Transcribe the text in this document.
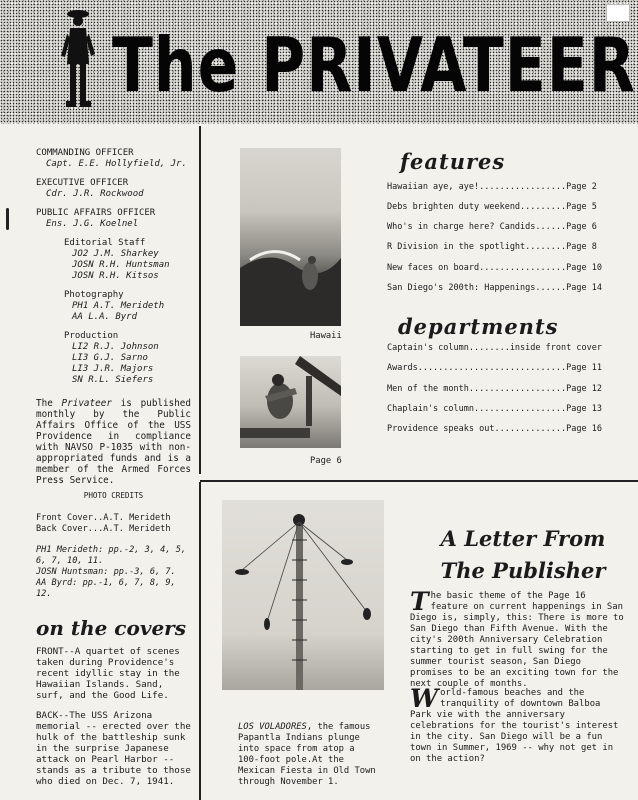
The PRIVATEER
COMMANDING OFFICER
Capt. E.E. Hollyfield, Jr.
EXECUTIVE OFFICER
Cdr. J.R. Rockwood
PUBLIC AFFAIRS OFFICER
Ens. J.G. Koelnel
Editorial Staff
JO2 J.M. Sharkey
JOSN R.H. Huntsman
JOSN R.H. Kitsos
Photography
PH1 A.T. Merideth
AA L.A. Byrd
Production
LI2 R.J. Johnson
LI3 G.J. Sarno
LI3 J.R. Majors
SN R.L. Siefers
The Privateer is published monthly by the Public Affairs Office of the USS Providence in compliance with NAVSO P-1035 with non-appropriated funds and is a member of the Armed Forces Press Service.
PHOTO CREDITS
Front Cover..A.T. Merideth
Back Cover...A.T. Merideth
PH1 Merideth: pp.-2, 3, 4, 5, 6, 7, 10, 11.
JOSN Huntsman: pp.-3, 6, 7.
AA Byrd: pp.-1, 6, 7, 8, 9, 12.
on the covers
FRONT--A quartet of scenes taken during Providence's recent idyllic stay in the Hawaiian Islands. Sand, surf, and the Good Life.
BACK--The USS Arizona memorial -- erected over the hulk of the battleship sunk in the surprise Japanese attack on Pearl Harbor -- stands as a tribute to those who died on Dec. 7, 1941.
Hawaii
Page 6
features
Hawaiian aye, aye!.................Page 2
Debs brighten duty weekend.........Page 5
Who's in charge here? Candids......Page 6
R Division in the spotlight........Page 8
New faces on board.................Page 10
San Diego's 200th: Happenings......Page 14
departments
Captain's column........inside front cover
Awards.............................Page 11
Men of the month...................Page 12
Chaplain's column..................Page 13
Providence speaks out..............Page 16
LOS VOLADORES, the famous Papantla Indians plunge into space from atop a 100-foot pole.At the Mexican Fiesta in Old Town through November 1.
A Letter From
The Publisher
The basic theme of the Page 16 feature on current happenings in San Diego is, simply, this: There is more to San Diego than Fifth Avenue. With the city's 200th Anniversary Celebration starting to get in full swing for the summer tourist season, San Diego promises to be an exciting town for the next couple of months.
World-famous beaches and the tranquility of downtown Balboa Park vie with the anniversary celebrations for the tourist's interest in the city. San Diego will be a fun town in Summer, 1969 -- why not get in on the action?
